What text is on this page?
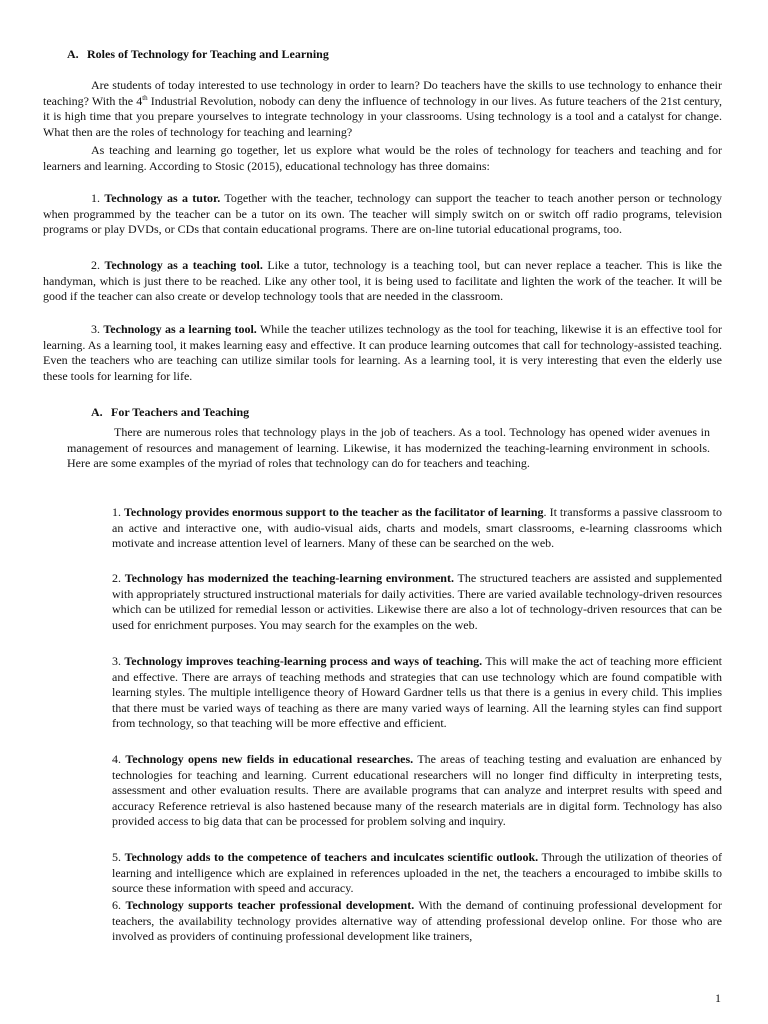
A. Roles of Technology for Teaching and Learning
Are students of today interested to use technology in order to learn? Do teachers have the skills to use technology to enhance their teaching? With the 4th Industrial Revolution, nobody can deny the influence of technology in our lives. As future teachers of the 21st century, it is high time that you prepare yourselves to integrate technology in your classrooms. Using technology is a tool and a catalyst for change. What then are the roles of technology for teaching and learning?
As teaching and learning go together, let us explore what would be the roles of technology for teachers and teaching and for learners and learning. According to Stosic (2015), educational technology has three domains:
1. Technology as a tutor. Together with the teacher, technology can support the teacher to teach another person or technology when programmed by the teacher can be a tutor on its own. The teacher will simply switch on or switch off radio programs, television programs or play DVDs, or CDs that contain educational programs. There are on-line tutorial educational programs, too.
2. Technology as a teaching tool. Like a tutor, technology is a teaching tool, but can never replace a teacher. This is like the handyman, which is just there to be reached. Like any other tool, it is being used to facilitate and lighten the work of the teacher. It will be good if the teacher can also create or develop technology tools that are needed in the classroom.
3. Technology as a learning tool. While the teacher utilizes technology as the tool for teaching, likewise it is an effective tool for learning. As a learning tool, it makes learning easy and effective. It can produce learning outcomes that call for technology-assisted teaching. Even the teachers who are teaching can utilize similar tools for learning. As a learning tool, it is very interesting that even the elderly use these tools for learning for life.
A. For Teachers and Teaching
There are numerous roles that technology plays in the job of teachers. As a tool. Technology has opened wider avenues in management of resources and management of learning. Likewise, it has modernized the teaching-learning environment in schools. Here are some examples of the myriad of roles that technology can do for teachers and teaching.
1. Technology provides enormous support to the teacher as the facilitator of learning. It transforms a passive classroom to an active and interactive one, with audio-visual aids, charts and models, smart classrooms, e-learning classrooms which motivate and increase attention level of learners. Many of these can be searched on the web.
2. Technology has modernized the teaching-learning environment. The structured teachers are assisted and supplemented with appropriately structured instructional materials for daily activities. There are varied available technology-driven resources which can be utilized for remedial lesson or activities. Likewise there are also a lot of technology-driven resources that can be used for enrichment purposes. You may search for the examples on the web.
3. Technology improves teaching-learning process and ways of teaching. This will make the act of teaching more efficient and effective. There are arrays of teaching methods and strategies that can use technology which are found compatible with learning styles. The multiple intelligence theory of Howard Gardner tells us that there is a genius in every child. This implies that there must be varied ways of teaching as there are many varied ways of learning. All the learning styles can find support from technology, so that teaching will be more effective and efficient.
4. Technology opens new fields in educational researches. The areas of teaching testing and evaluation are enhanced by technologies for teaching and learning. Current educational researchers will no longer find difficulty in interpreting tests, assessment and other evaluation results. There are available programs that can analyze and interpret results with speed and accuracy Reference retrieval is also hastened because many of the research materials are in digital form. Technology has also provided access to big data that can be processed for problem solving and inquiry.
5. Technology adds to the competence of teachers and inculcates scientific outlook. Through the utilization of theories of learning and intelligence which are explained in references uploaded in the net, the teachers a encouraged to imbibe skills to source these information with speed and accuracy.
6. Technology supports teacher professional development. With the demand of continuing professional development for teachers, the availability technology provides alternative way of attending professional develop online. For those who are involved as providers of continuing professional development like trainers,
1
